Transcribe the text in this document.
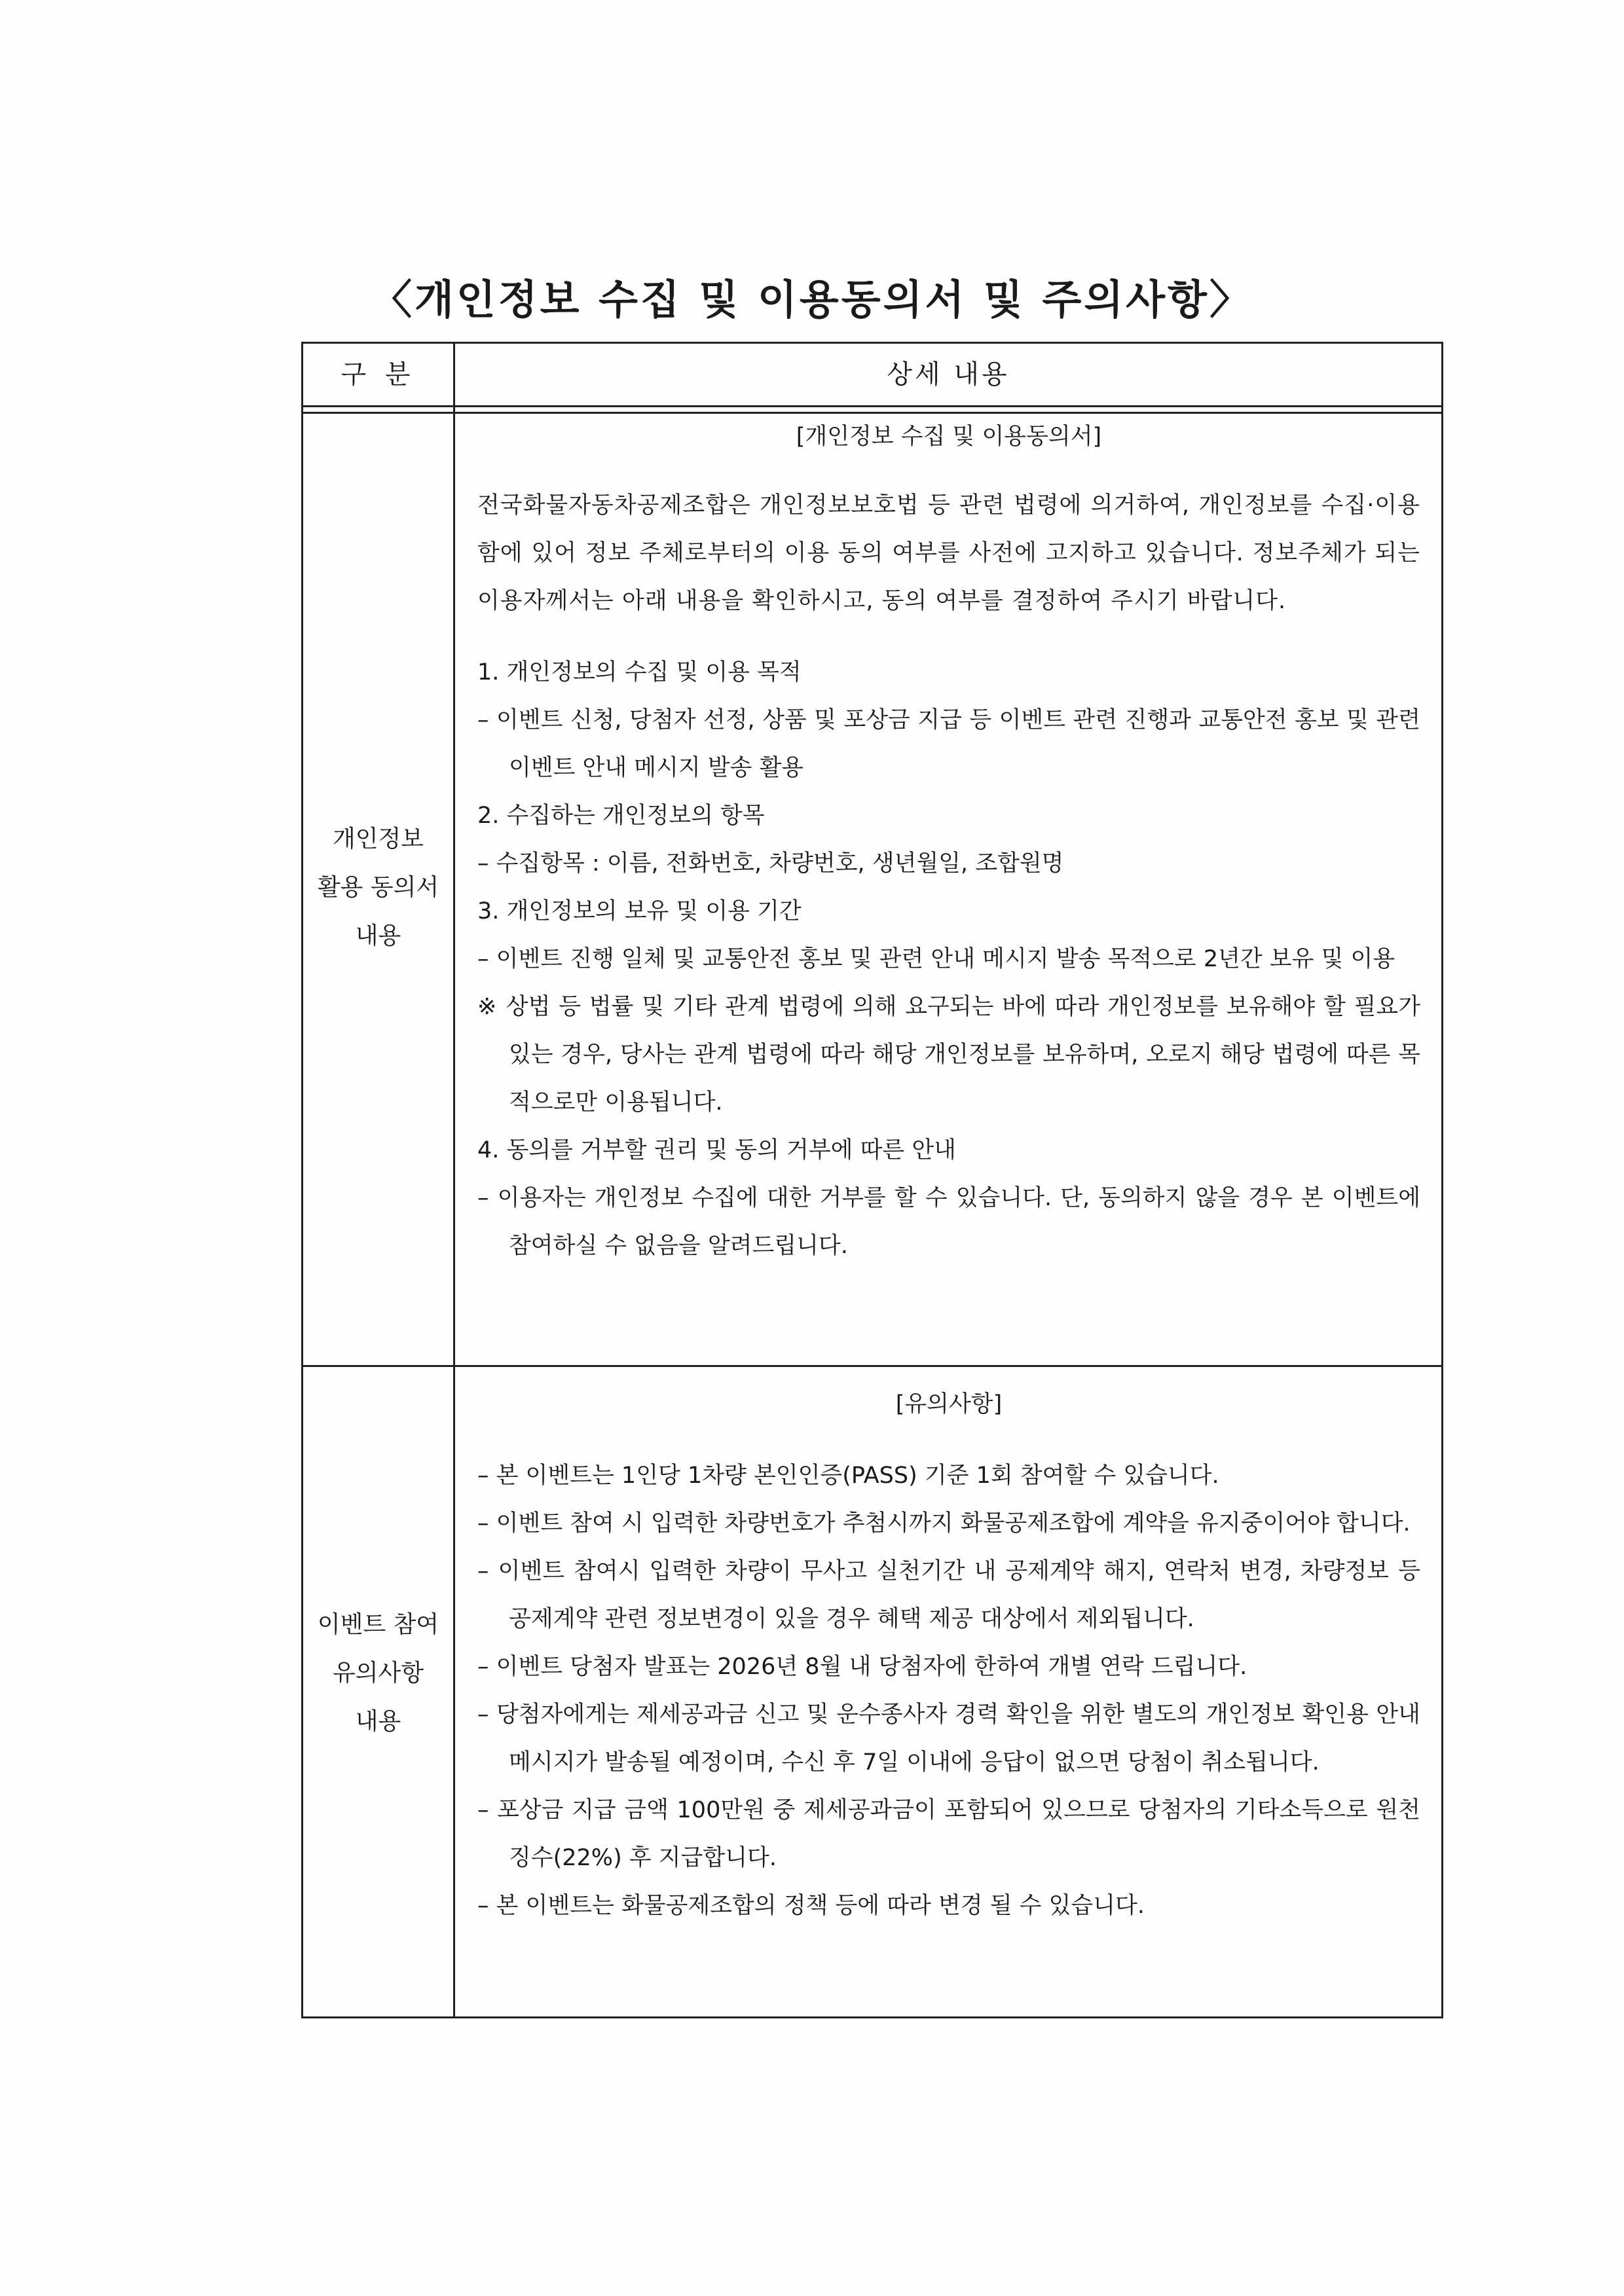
〈개인정보 수집 및 이용동의서 및 주의사항〉
구 분	상세 내용
개인정보
활용 동의서
내용
[개인정보 수집 및 이용동의서]
전국화물자동차공제조합은 개인정보보호법 등 관련 법령에 의거하여, 개인정보를 수집·이용함에 있어 정보 주체로부터의 이용 동의 여부를 사전에 고지하고 있습니다. 정보주체가 되는 이용자께서는 아래 내용을 확인하시고, 동의 여부를 결정하여 주시기 바랍니다.
1. 개인정보의 수집 및 이용 목적
– 이벤트 신청, 당첨자 선정, 상품 및 포상금 지급 등 이벤트 관련 진행과 교통안전 홍보 및 관련 이벤트 안내 메시지 발송 활용
2. 수집하는 개인정보의 항목
– 수집항목 : 이름, 전화번호, 차량번호, 생년월일, 조합원명
3. 개인정보의 보유 및 이용 기간
– 이벤트 진행 일체 및 교통안전 홍보 및 관련 안내 메시지 발송 목적으로 2년간 보유 및 이용
※ 상법 등 법률 및 기타 관계 법령에 의해 요구되는 바에 따라 개인정보를 보유해야 할 필요가 있는 경우, 당사는 관계 법령에 따라 해당 개인정보를 보유하며, 오로지 해당 법령에 따른 목적으로만 이용됩니다.
4. 동의를 거부할 권리 및 동의 거부에 따른 안내
– 이용자는 개인정보 수집에 대한 거부를 할 수 있습니다. 단, 동의하지 않을 경우 본 이벤트에 참여하실 수 없음을 알려드립니다.
이벤트 참여
유의사항
내용
[유의사항]
– 본 이벤트는 1인당 1차량 본인인증(PASS) 기준 1회 참여할 수 있습니다.
– 이벤트 참여 시 입력한 차량번호가 추첨시까지 화물공제조합에 계약을 유지중이어야 합니다.
– 이벤트 참여시 입력한 차량이 무사고 실천기간 내 공제계약 해지, 연락처 변경, 차량정보 등 공제계약 관련 정보변경이 있을 경우 혜택 제공 대상에서 제외됩니다.
– 이벤트 당첨자 발표는 2026년 8월 내 당첨자에 한하여 개별 연락 드립니다.
– 당첨자에게는 제세공과금 신고 및 운수종사자 경력 확인을 위한 별도의 개인정보 확인용 안내 메시지가 발송될 예정이며, 수신 후 7일 이내에 응답이 없으면 당첨이 취소됩니다.
– 포상금 지급 금액 100만원 중 제세공과금이 포함되어 있으므로 당첨자의 기타소득으로 원천징수(22%) 후 지급합니다.
– 본 이벤트는 화물공제조합의 정책 등에 따라 변경 될 수 있습니다.
